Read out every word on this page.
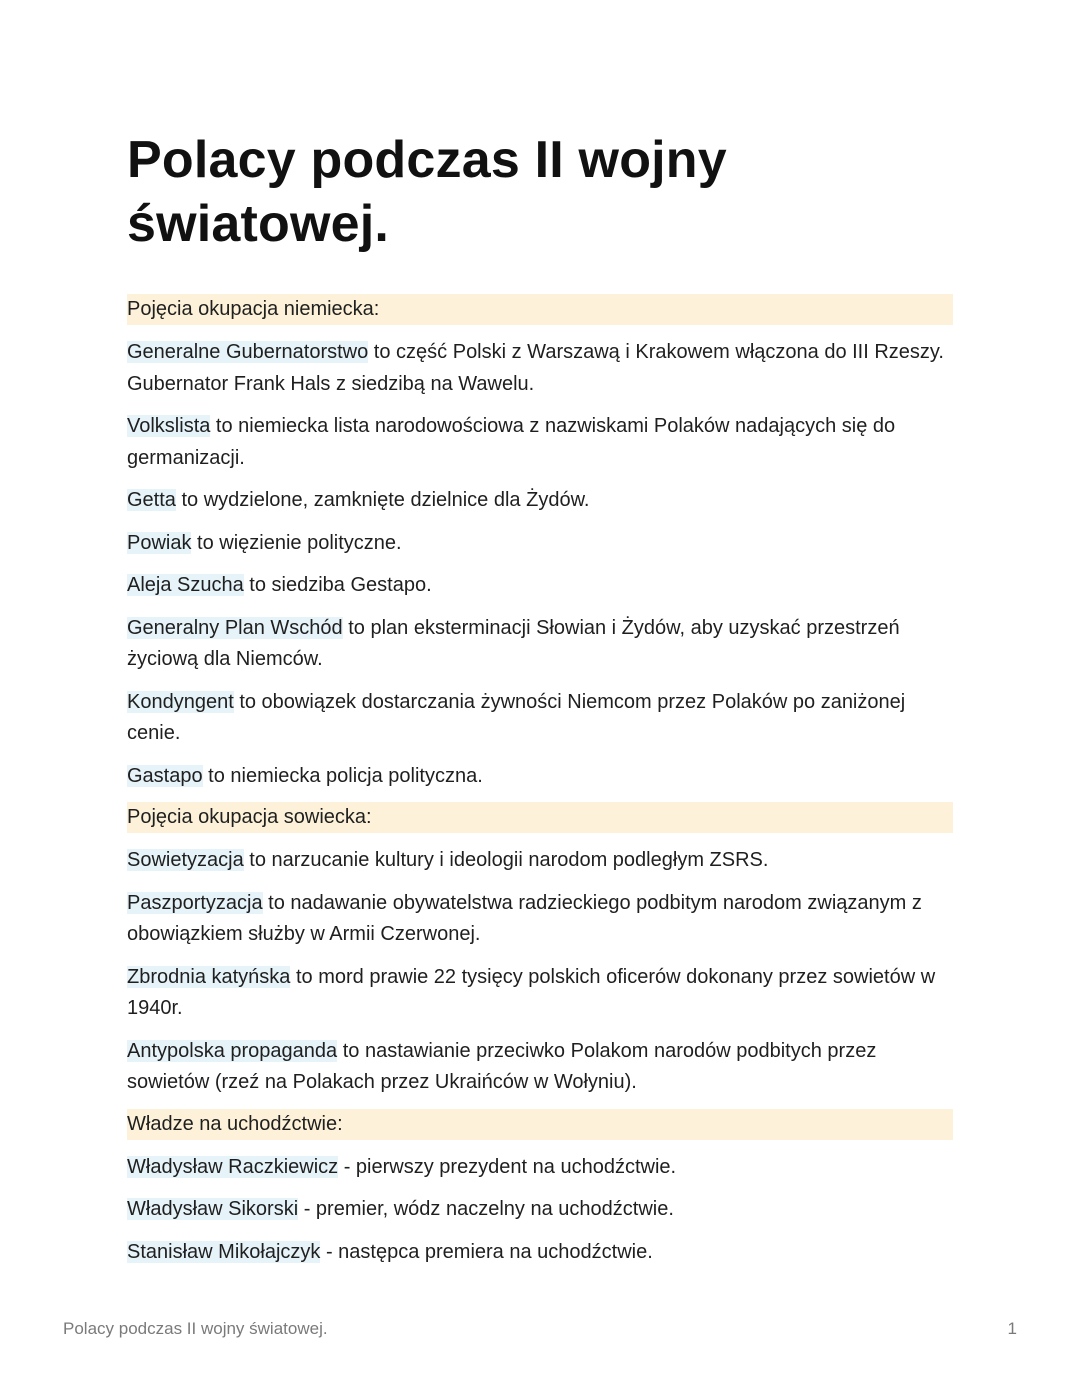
Polacy podczas II wojny światowej.
Pojęcia okupacja niemiecka:
Generalne Gubernatorstwo to część Polski z Warszawą i Krakowem włączona do III Rzeszy. Gubernator Frank Hals z siedzibą na Wawelu.
Volkslista to niemiecka lista narodowościowa z nazwiskami Polaków nadających się do germanizacji.
Getta to wydzielone, zamknięte dzielnice dla Żydów.
Powiak to więzienie polityczne.
Aleja Szucha to siedziba Gestapo.
Generalny Plan Wschód to plan eksterminacji Słowian i Żydów, aby uzyskać przestrzeń życiową dla Niemców.
Kondyngent to obowiązek dostarczania żywności Niemcom przez Polaków po zaniżonej cenie.
Gastapo to niemiecka policja polityczna.
Pojęcia okupacja sowiecka:
Sowietyzacja to narzucanie kultury i ideologii narodom podległym ZSRS.
Paszportyzacja to nadawanie obywatelstwa radzieckiego podbitym narodom związanym z obowiązkiem służby w Armii Czerwonej.
Zbrodnia katyńska to mord prawie 22 tysięcy polskich oficerów dokonany przez sowietów w 1940r.
Antypolska propaganda to nastawianie przeciwko Polakom narodów podbitych przez sowietów (rzeź na Polakach przez Ukraińców w Wołyniu).
Władze na uchodźctwie:
Władysław Raczkiewicz - pierwszy prezydent na uchodźctwie.
Władysław Sikorski - premier, wódz naczelny na uchodźctwie.
Stanisław Mikołajczyk - następca premiera na uchodźctwie.
Polacy podczas II wojny światowej.	1
